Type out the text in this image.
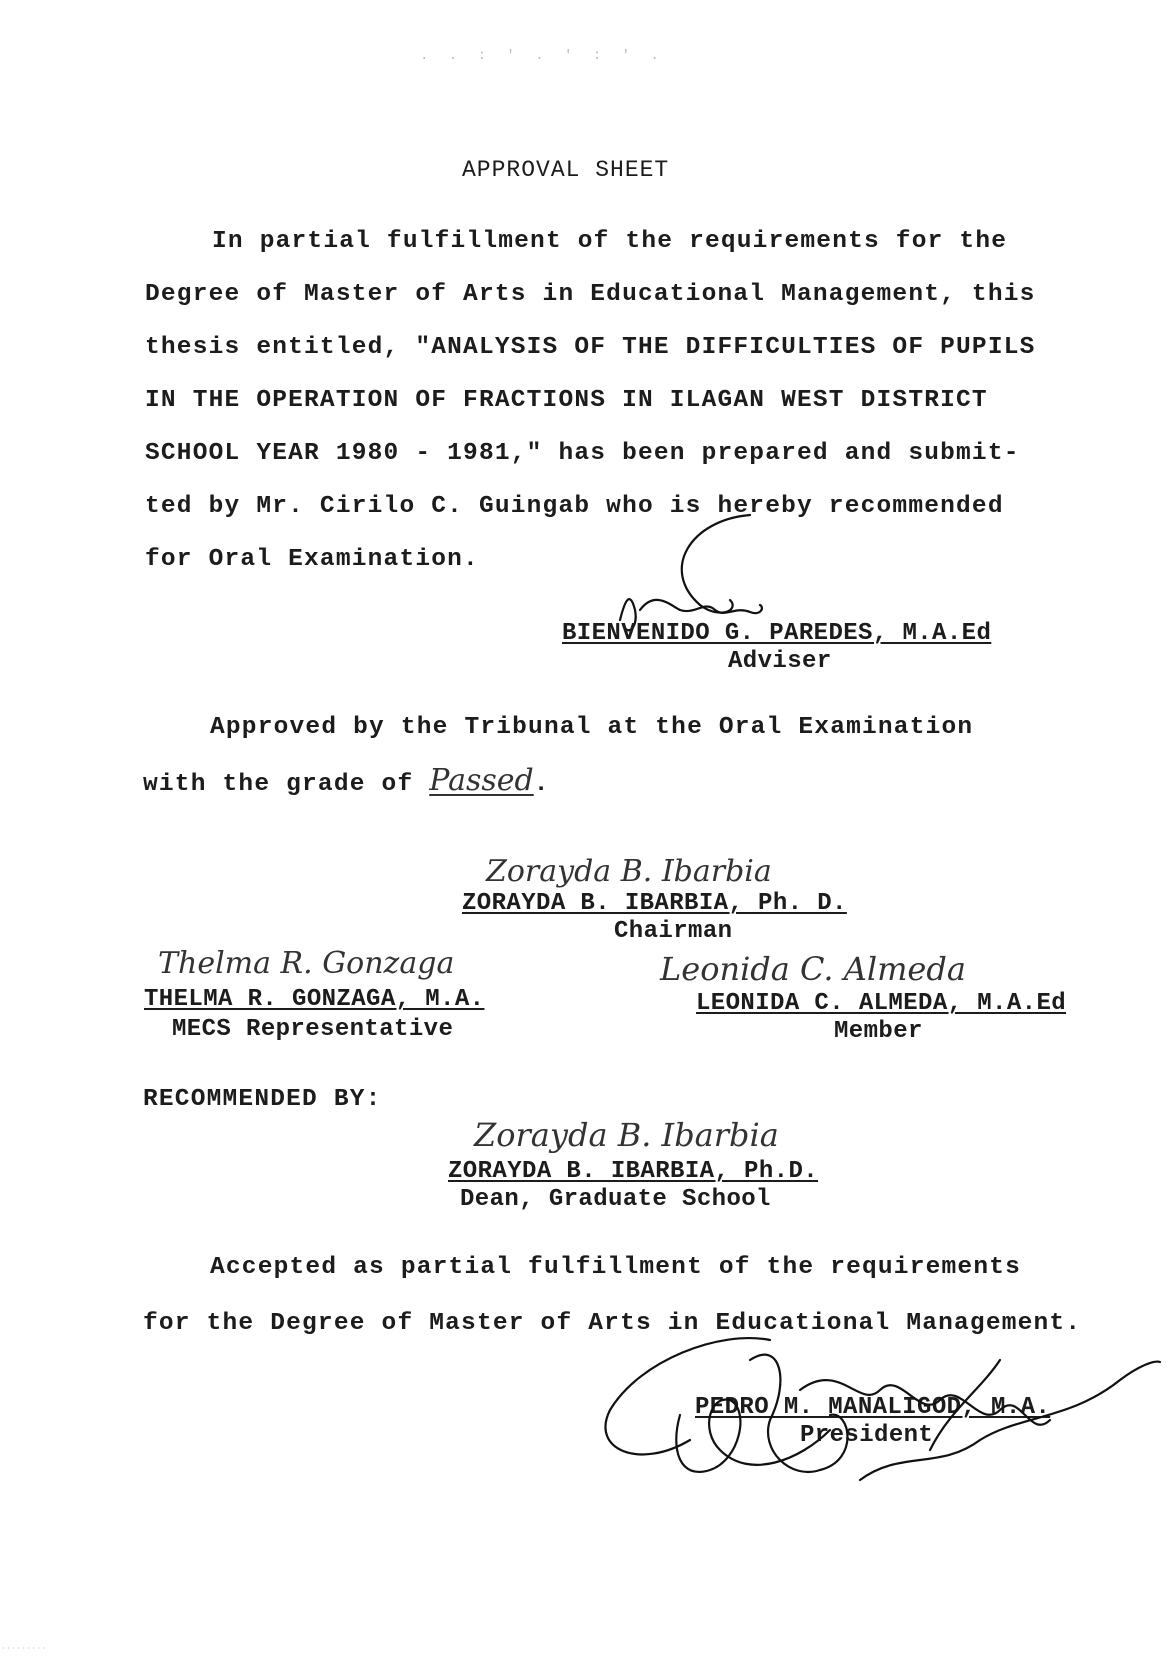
. . : ' . ' : ' .
APPROVAL SHEET
In partial fulfillment of the requirements for the
Degree of Master of Arts in Educational Management, this
thesis entitled, "ANALYSIS OF THE DIFFICULTIES OF PUPILS
IN THE OPERATION OF FRACTIONS IN ILAGAN WEST DISTRICT
SCHOOL YEAR 1980 - 1981," has been prepared and submit-
ted by Mr. Cirilo C. Guingab who is hereby recommended
for Oral Examination.
BIENVENIDO G. PAREDES, M.A.Ed
Adviser
Approved by the Tribunal at the Oral Examination
with the grade of Passed.
Zorayda B. Ibarbia
ZORAYDA B. IBARBIA, Ph. D.
Chairman
Thelma R. Gonzaga
THELMA R. GONZAGA, M.A.
MECS Representative
Leonida C. Almeda
LEONIDA C. ALMEDA, M.A.Ed
Member
RECOMMENDED BY:
Zorayda B. Ibarbia
ZORAYDA B. IBARBIA, Ph.D.
Dean, Graduate School
Accepted as partial fulfillment of the requirements
for the Degree of Master of Arts in Educational Management.
PEDRO M. MANALIGOD, M.A.
President
· · · · · · · · ·
